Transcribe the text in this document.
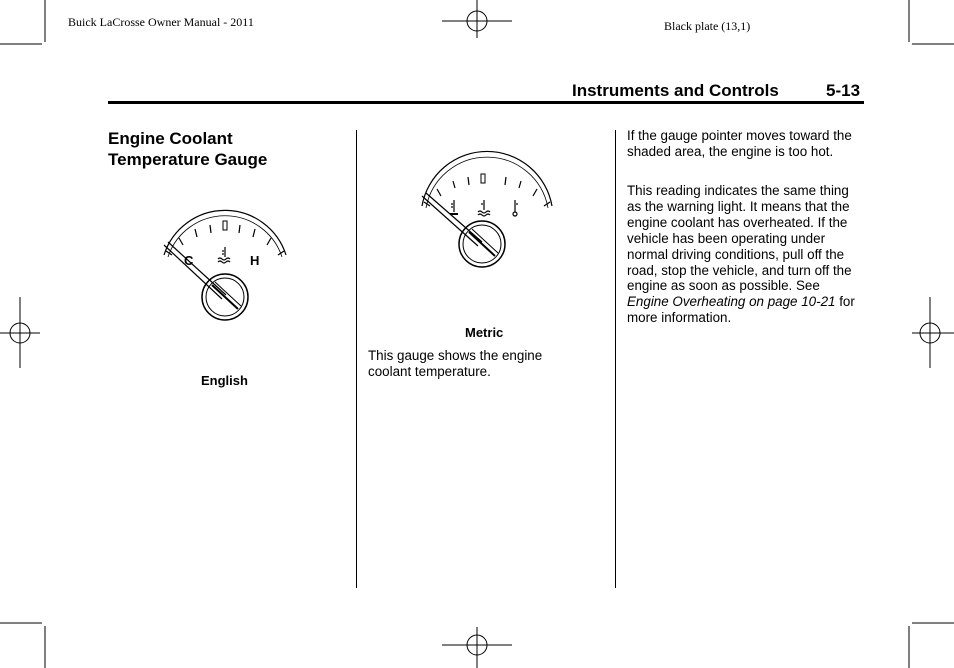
Buick LaCrosse Owner Manual - 2011	Black plate (13,1)
Instruments and Controls	5-13
Engine Coolant
Temperature Gauge
C	H
English
Metric

This gauge shows the engine coolant temperature.

If the gauge pointer moves toward the shaded area, the engine is too hot.

This reading indicates the same thing as the warning light. It means that the engine coolant has overheated. If the vehicle has been operating under normal driving conditions, pull off the road, stop the vehicle, and turn off the engine as soon as possible. See Engine Overheating on page 10-21 for more information.
